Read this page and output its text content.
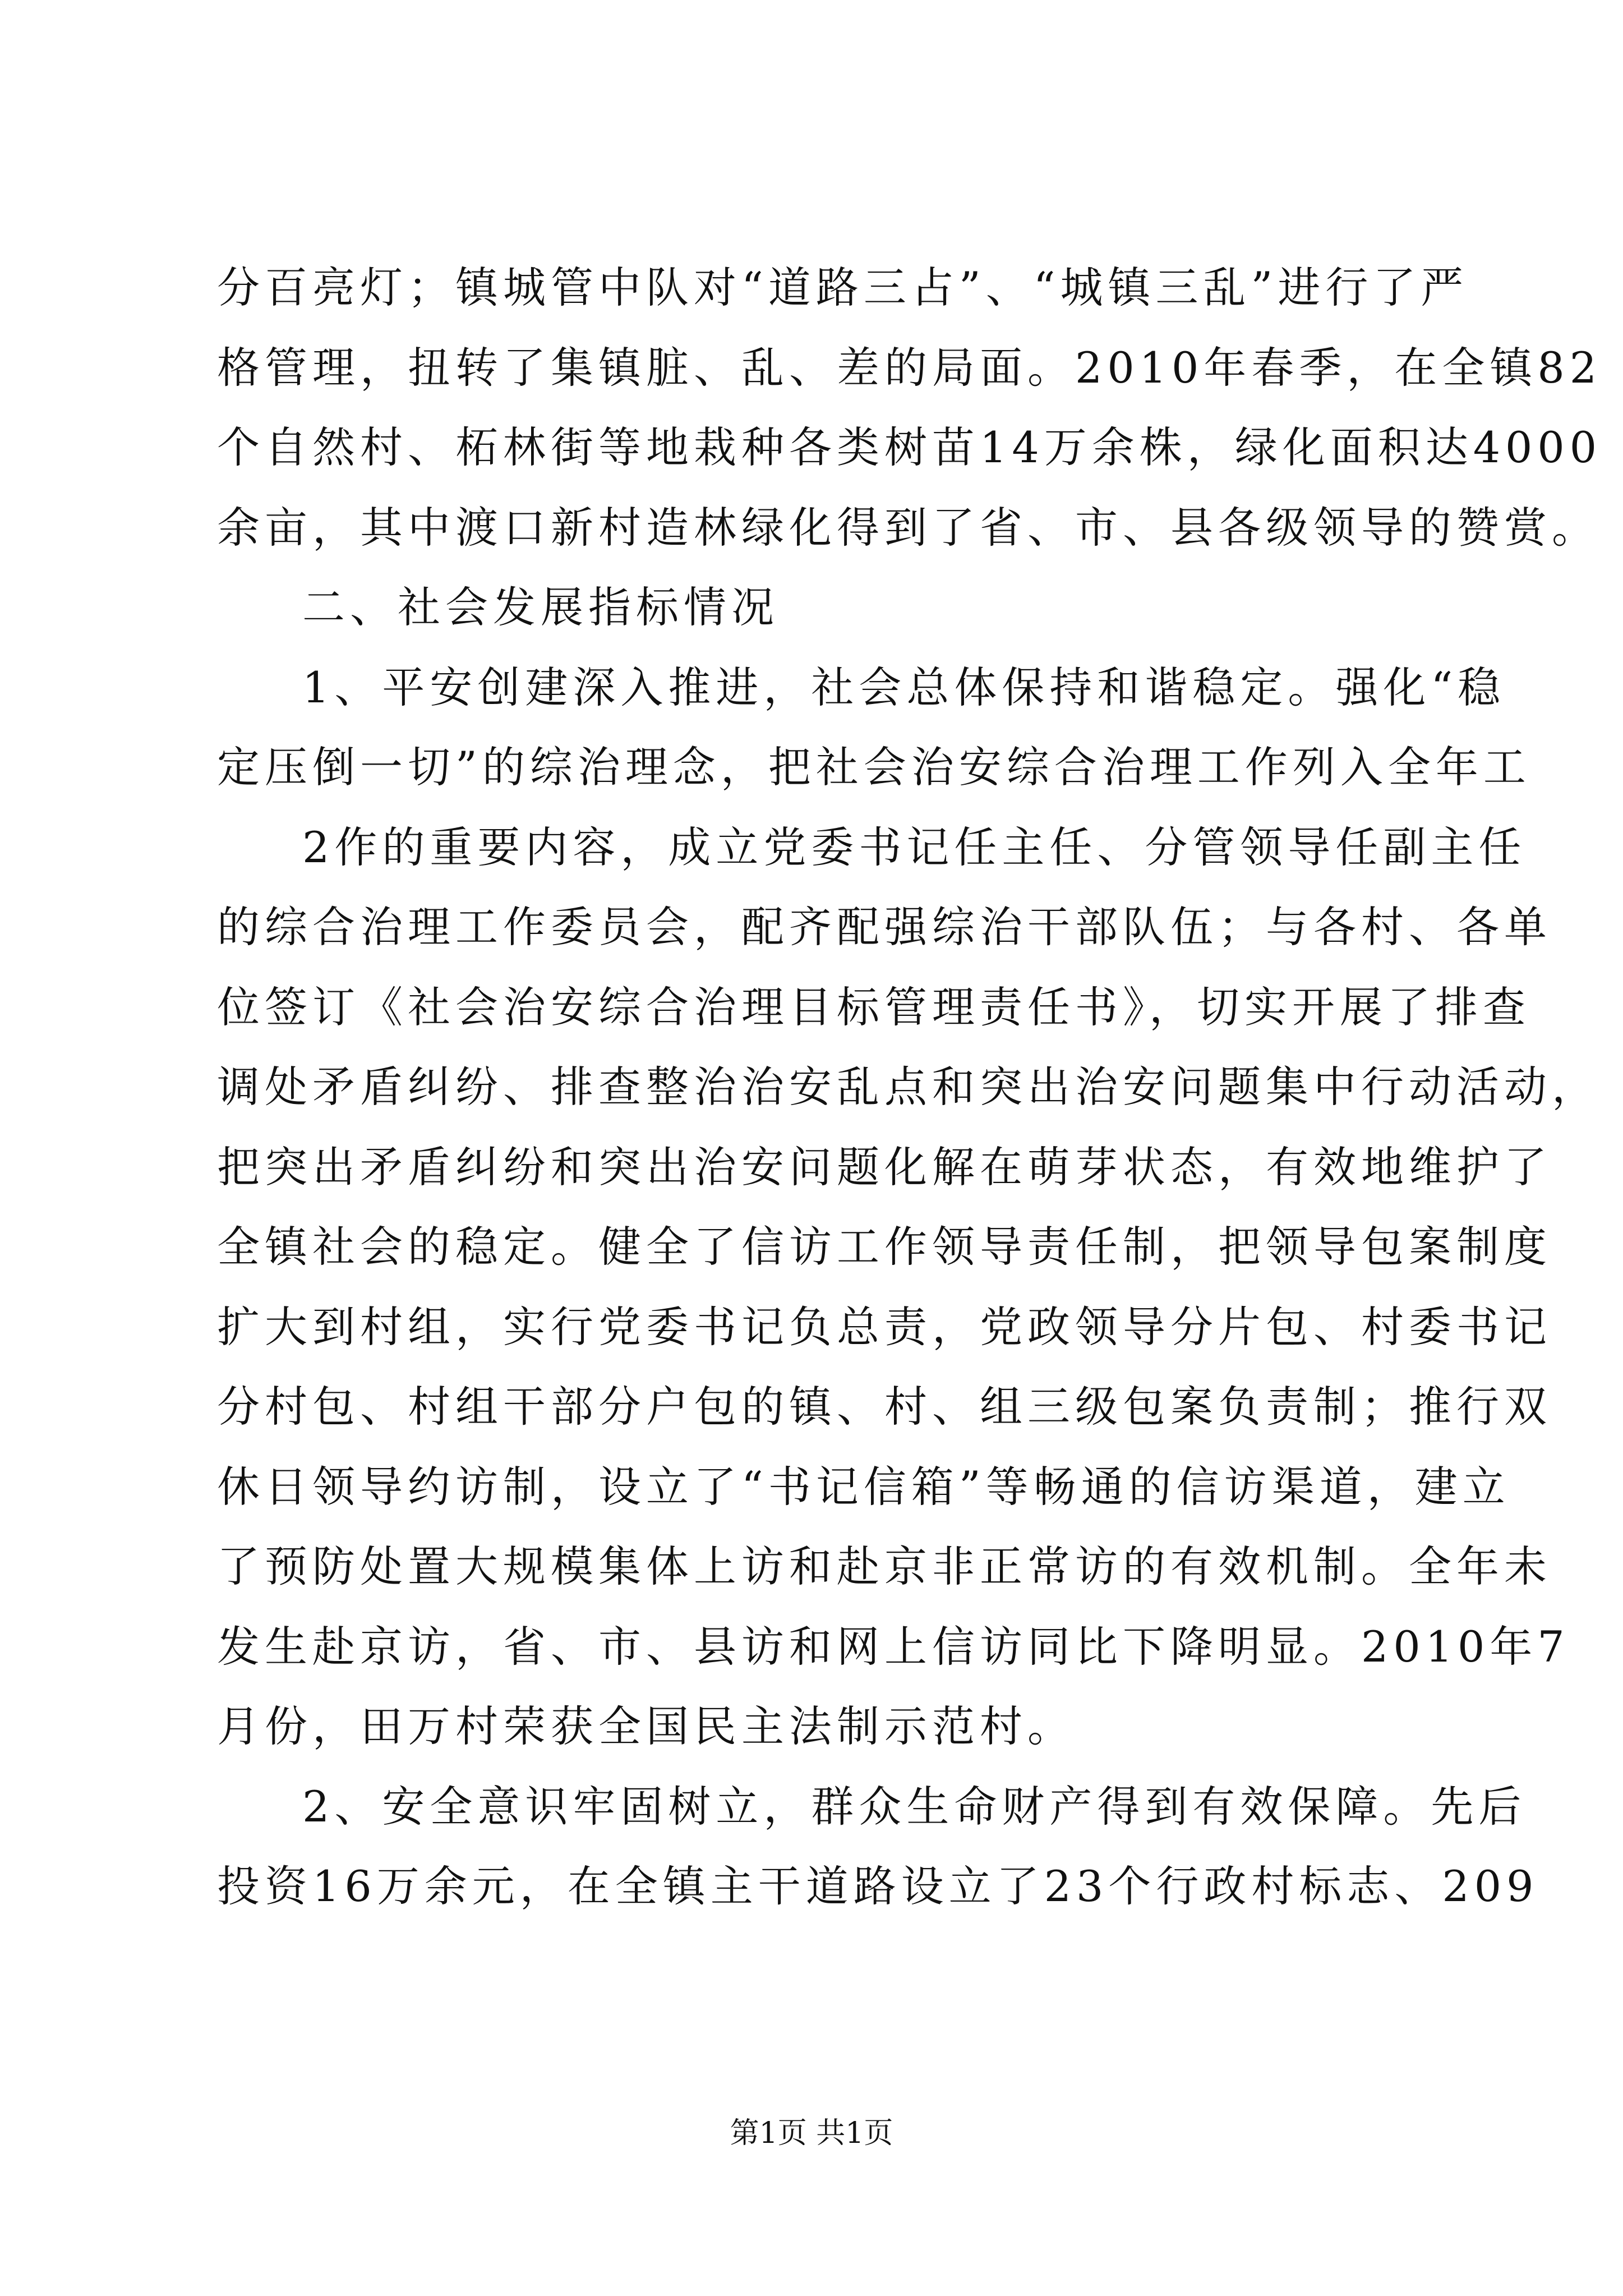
分百亮灯；镇城管中队对“道路三占”、“城镇三乱”进行了严
格管理，扭转了集镇脏、乱、差的局面。2010年春季，在全镇82
个自然村、柘林街等地栽种各类树苗14万余株，绿化面积达4000
余亩，其中渡口新村造林绿化得到了省、市、县各级领导的赞赏。
二、社会发展指标情况
1、平安创建深入推进，社会总体保持和谐稳定。强化“稳
定压倒一切”的综治理念，把社会治安综合治理工作列入全年工
2作的重要内容，成立党委书记任主任、分管领导任副主任
的综合治理工作委员会，配齐配强综治干部队伍；与各村、各单
位签订《社会治安综合治理目标管理责任书》，切实开展了排查
调处矛盾纠纷、排查整治治安乱点和突出治安问题集中行动活动，
把突出矛盾纠纷和突出治安问题化解在萌芽状态，有效地维护了
全镇社会的稳定。健全了信访工作领导责任制，把领导包案制度
扩大到村组，实行党委书记负总责，党政领导分片包、村委书记
分村包、村组干部分户包的镇、村、组三级包案负责制；推行双
休日领导约访制，设立了“书记信箱”等畅通的信访渠道，建立
了预防处置大规模集体上访和赴京非正常访的有效机制。全年未
发生赴京访，省、市、县访和网上信访同比下降明显。2010年7
月份，田万村荣获全国民主法制示范村。
2、安全意识牢固树立，群众生命财产得到有效保障。先后
投资16万余元，在全镇主干道路设立了23个行政村标志、209
第1页 共1页
